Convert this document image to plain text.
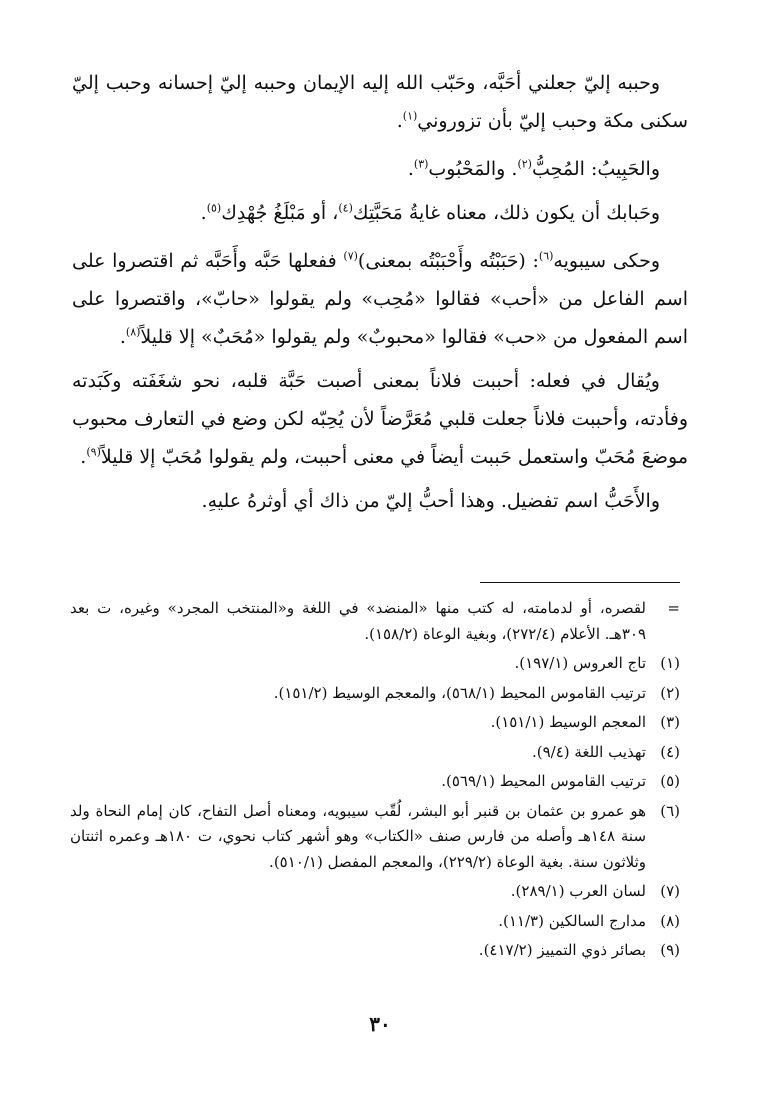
وحببه إليّ جعلني أحَبَّه، وحَبّب الله إليه الإيمان وحببه إليّ إحسانه وحبب إليّ سكنى مكة وحبب إليّ بأن تزوروني$^{(١)}$.

والحَبِيبُ: المُحِبُّ$^{(٢)}$. والمَحْبُوب$^{(٣)}$.

وحَبابك أن يكون ذلك، معناه غايةُ مَحَبَّتِك$^{(٤)}$، أو مَبْلَغُ جُهْدِك$^{(٥)}$.

وحكى سيبويه$^{(٦)}$: (حَبَبْتُه وأَحْبَبْتُه بمعنى)$^{(٧)}$ ففعلها حَبَّه وأَحَبَّه ثم اقتصروا على اسم الفاعل من «أحب» فقالوا «مُحِب» ولم يقولوا «حابّ»، واقتصروا على اسم المفعول من «حب» فقالوا «محبوبٌ» ولم يقولوا «مُحَبٌ» إلا قليلاً$^{(٨)}$.

ويُقال في فعله: أحببت فلاناً بمعنى أصبت حَبَّة قلبه، نحو شغَفَته وكَبَدته وفأدته، وأحببت فلاناً جعلت قلبي مُعَرَّضاً لأن يُحِبّه لكن وضع في التعارف محبوب موضعَ مُحَبّ واستعمل حَببت أيضاً في معنى أحببت، ولم يقولوا مُحَبّ إلا قليلاً$^{(٩)}$.

والأَحَبُّ اسم تفضيل. وهذا أحبُّ إليّ من ذاك أي أوثرهُ عليهِ.

=
لقصره، أو لدمامته، له كتب منها «المنضد» في اللغة و«المنتخب المجرد» وغيره، ت بعد ٣٠٩هـ. الأعلام (٢٧٢/٤)، وبغية الوعاة (١٥٨/٢).
(١)
تاج العروس (١٩٧/١).
(٢)
ترتيب القاموس المحيط (٥٦٨/١)، والمعجم الوسيط (١٥١/٢).
(٣)
المعجم الوسيط (١٥١/١).
(٤)
تهذيب اللغة (٩/٤).
(٥)
ترتيب القاموس المحيط (٥٦٩/١).
(٦)
هو عمرو بن عثمان بن قنبر أبو البشر، لُقّب سيبويه، ومعناه أصل التفاح، كان إمام النحاة ولد سنة ١٤٨هـ وأصله من فارس صنف «الكتاب» وهو أشهر كتاب نحوي، ت ١٨٠هـ وعمره اثنتان وثلاثون سنة. بغية الوعاة (٢٢٩/٢)، والمعجم المفصل (٥١٠/١).
(٧)
لسان العرب (٢٨٩/١).
(٨)
مدارج السالكين (١١/٣).
(٩)
بصائر ذوي التمييز (٤١٧/٢).
٣٠
